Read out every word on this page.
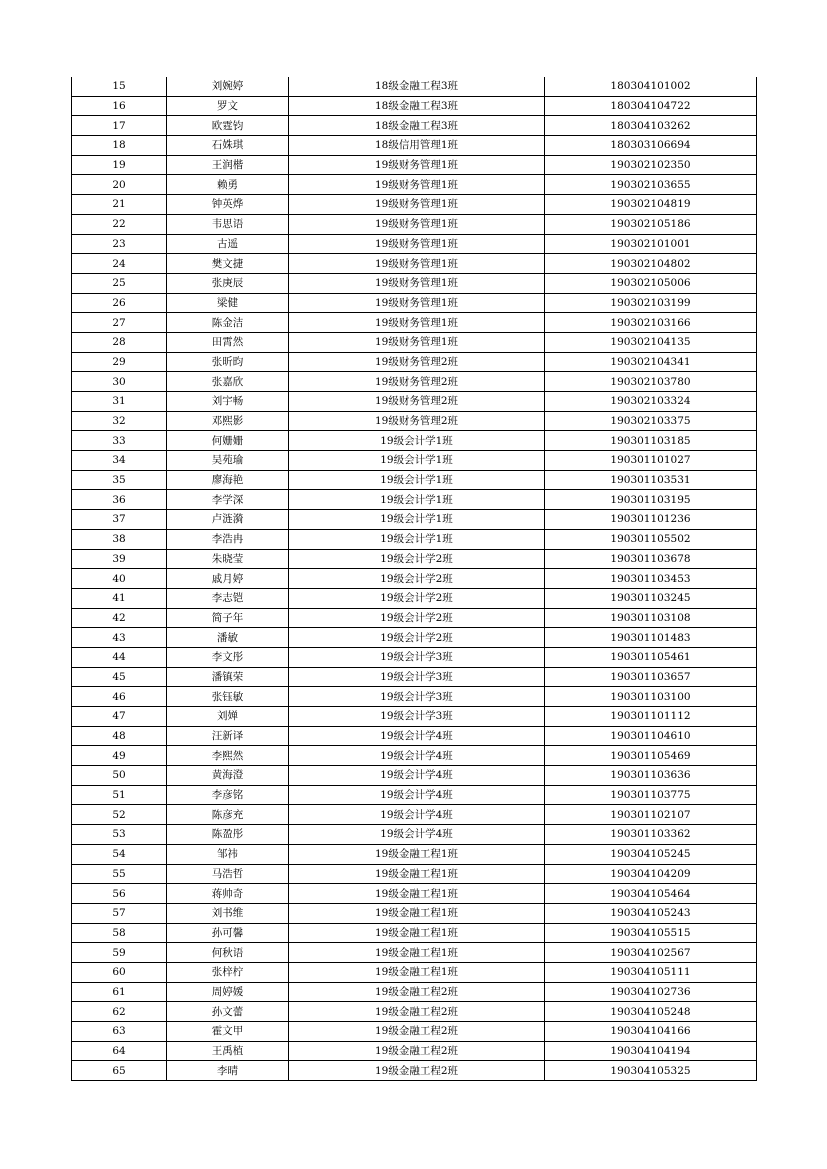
15	刘婉婷	18级金融工程3班	180304101002
16	罗文	18级金融工程3班	180304104722
17	欧霆钧	18级金融工程3班	180304103262
18	石姝琪	18级信用管理1班	180303106694
19	王润楷	19级财务管理1班	190302102350
20	赖勇	19级财务管理1班	190302103655
21	钟英烨	19级财务管理1班	190302104819
22	韦思语	19级财务管理1班	190302105186
23	古遥	19级财务管理1班	190302101001
24	樊文捷	19级财务管理1班	190302104802
25	张庚辰	19级财务管理1班	190302105006
26	梁健	19级财务管理1班	190302103199
27	陈金洁	19级财务管理1班	190302103166
28	田霄然	19级财务管理1班	190302104135
29	张昕昀	19级财务管理2班	190302104341
30	张嘉欣	19级财务管理2班	190302103780
31	刘宇畅	19级财务管理2班	190302103324
32	邓熙影	19级财务管理2班	190302103375
33	何姗姗	19级会计学1班	190301103185
34	吴苑瑜	19级会计学1班	190301101027
35	廖海艳	19级会计学1班	190301103531
36	李学深	19级会计学1班	190301103195
37	卢涟漪	19级会计学1班	190301101236
38	李浩冉	19级会计学1班	190301105502
39	朱晓莹	19级会计学2班	190301103678
40	戚月婷	19级会计学2班	190301103453
41	李志铠	19级会计学2班	190301103245
42	简子年	19级会计学2班	190301103108
43	潘敏	19级会计学2班	190301101483
44	李文彤	19级会计学3班	190301105461
45	潘镇荣	19级会计学3班	190301103657
46	张钰敏	19级会计学3班	190301103100
47	刘婵	19级会计学3班	190301101112
48	汪新译	19级会计学4班	190301104610
49	李熙然	19级会计学4班	190301105469
50	黄海澄	19级会计学4班	190301103636
51	李彦铭	19级会计学4班	190301103775
52	陈彦充	19级会计学4班	190301102107
53	陈盈彤	19级会计学4班	190301103362
54	邹祎	19级金融工程1班	190304105245
55	马浩哲	19级金融工程1班	190304104209
56	蒋帅奇	19级金融工程1班	190304105464
57	刘书维	19级金融工程1班	190304105243
58	孙可馨	19级金融工程1班	190304105515
59	何秋语	19级金融工程1班	190304102567
60	张梓柠	19级金融工程1班	190304105111
61	周婷媛	19级金融工程2班	190304102736
62	孙文蕾	19级金融工程2班	190304105248
63	霍文甲	19级金融工程2班	190304104166
64	王禹植	19级金融工程2班	190304104194
65	李晴	19级金融工程2班	190304105325
